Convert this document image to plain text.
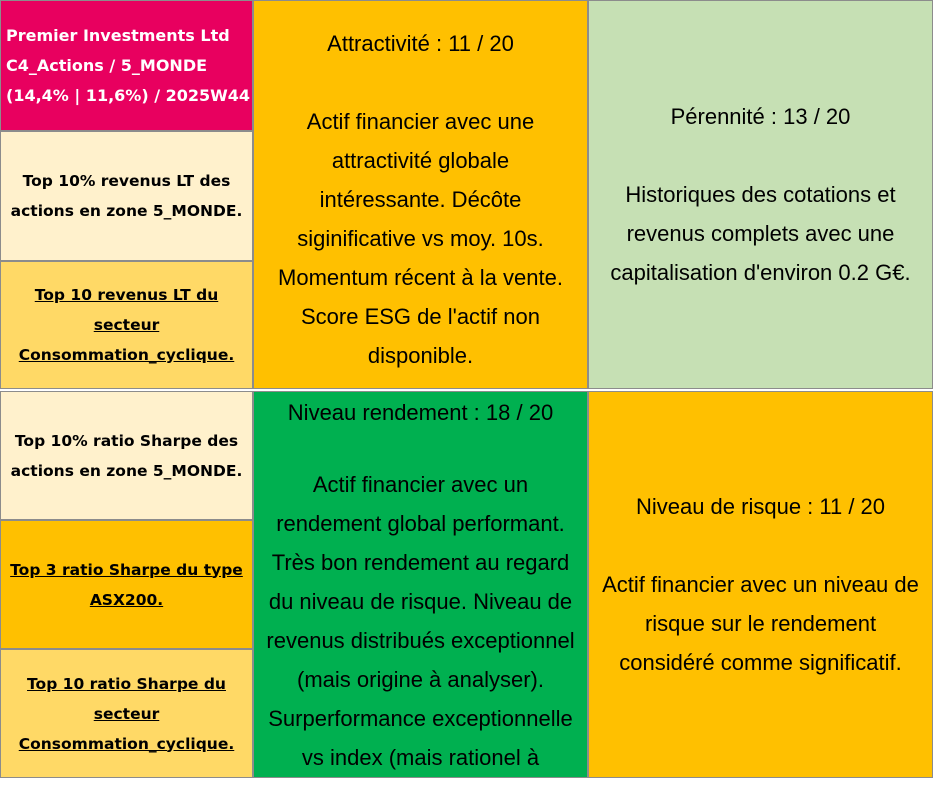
Premier Investments Ltd
C4_Actions / 5_MONDE
(14,4% | 11,6%) / 2025W44
Top 10% revenus LT des
actions en zone 5_MONDE.
Top 10 revenus LT du
secteur
Consommation_cyclique.
Top 10% ratio Sharpe des
actions en zone 5_MONDE.
Top 3 ratio Sharpe du type
ASX200.
Top 10 ratio Sharpe du
secteur
Consommation_cyclique.
Attractivité : 11 / 20
Actif financier avec une
attractivité globale
intéressante. Décôte
siginificative vs moy. 10s.
Momentum récent à la vente.
Score ESG de l'actif non
disponible.
Pérennité : 13 / 20
Historiques des cotations et
revenus complets avec une
capitalisation d'environ 0.2 G€.
Niveau rendement : 18 / 20
Actif financier avec un
rendement global performant.
Très bon rendement au regard
du niveau de risque. Niveau de
revenus distribués exceptionnel
(mais origine à analyser).
Surperformance exceptionnelle
vs index (mais rationel à
Niveau de risque : 11 / 20
Actif financier avec un niveau de
risque sur le rendement
considéré comme significatif.
